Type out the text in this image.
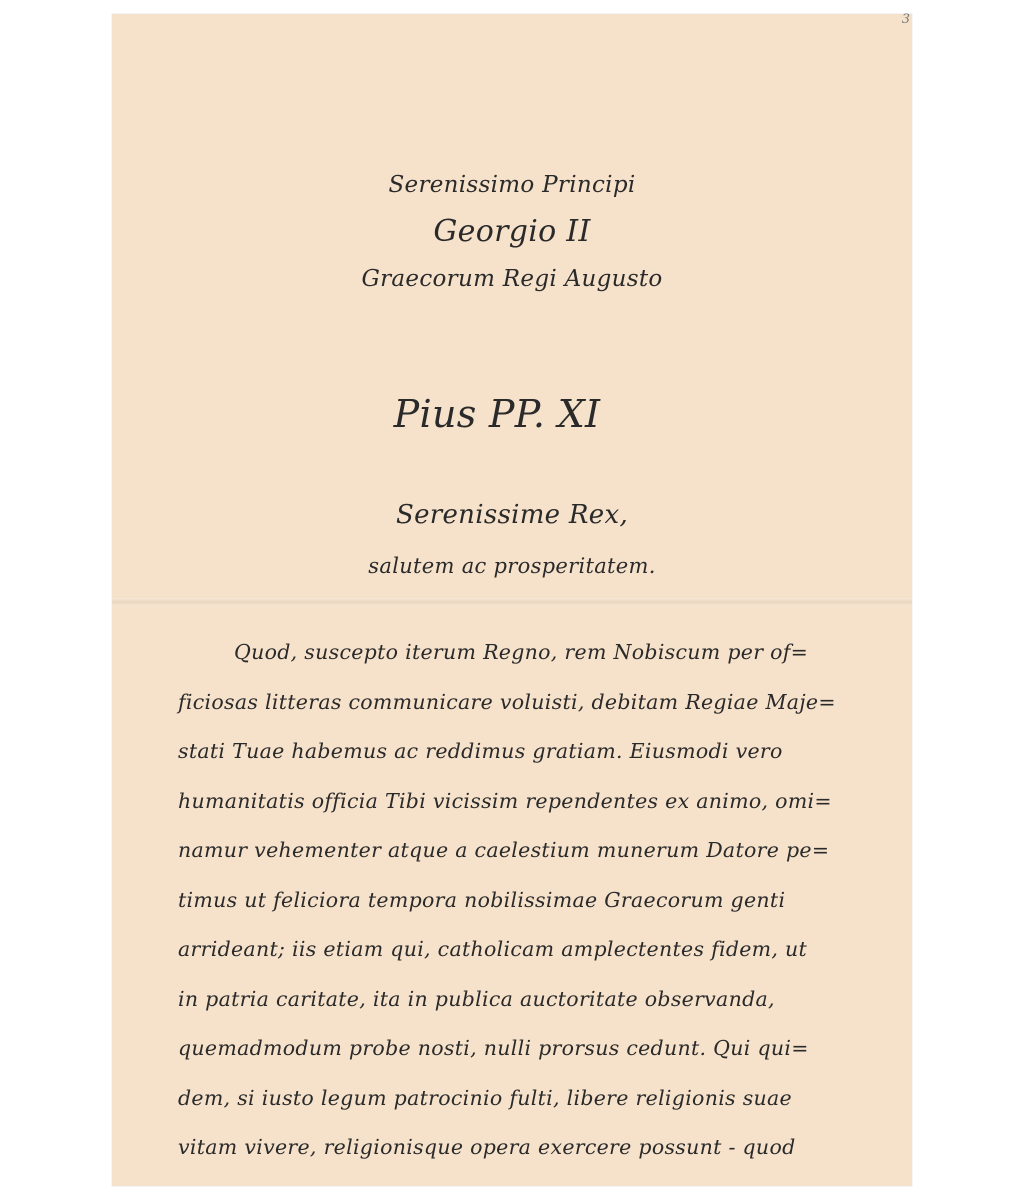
3
Serenissimo Principi
Georgio II
Graecorum Regi Augusto
Pius PP. XI
Serenissime Rex,
salutem ac prosperitatem.
Quod, suscepto iterum Regno, rem Nobiscum per of=
ficiosas litteras communicare voluisti, debitam Regiae Maje=
stati Tuae habemus ac reddimus gratiam. Eiusmodi vero
humanitatis officia Tibi vicissim rependentes ex animo, omi=
namur vehementer atque a caelestium munerum Datore pe=
timus ut feliciora tempora nobilissimae Graecorum genti
arrideant; iis etiam qui, catholicam amplectentes fidem, ut
in patria caritate, ita in publica auctoritate observanda,
quemadmodum probe nosti, nulli prorsus cedunt. Qui qui=
dem, si iusto legum patrocinio fulti, libere religionis suae
vitam vivere, religionisque opera exercere possunt - quod
